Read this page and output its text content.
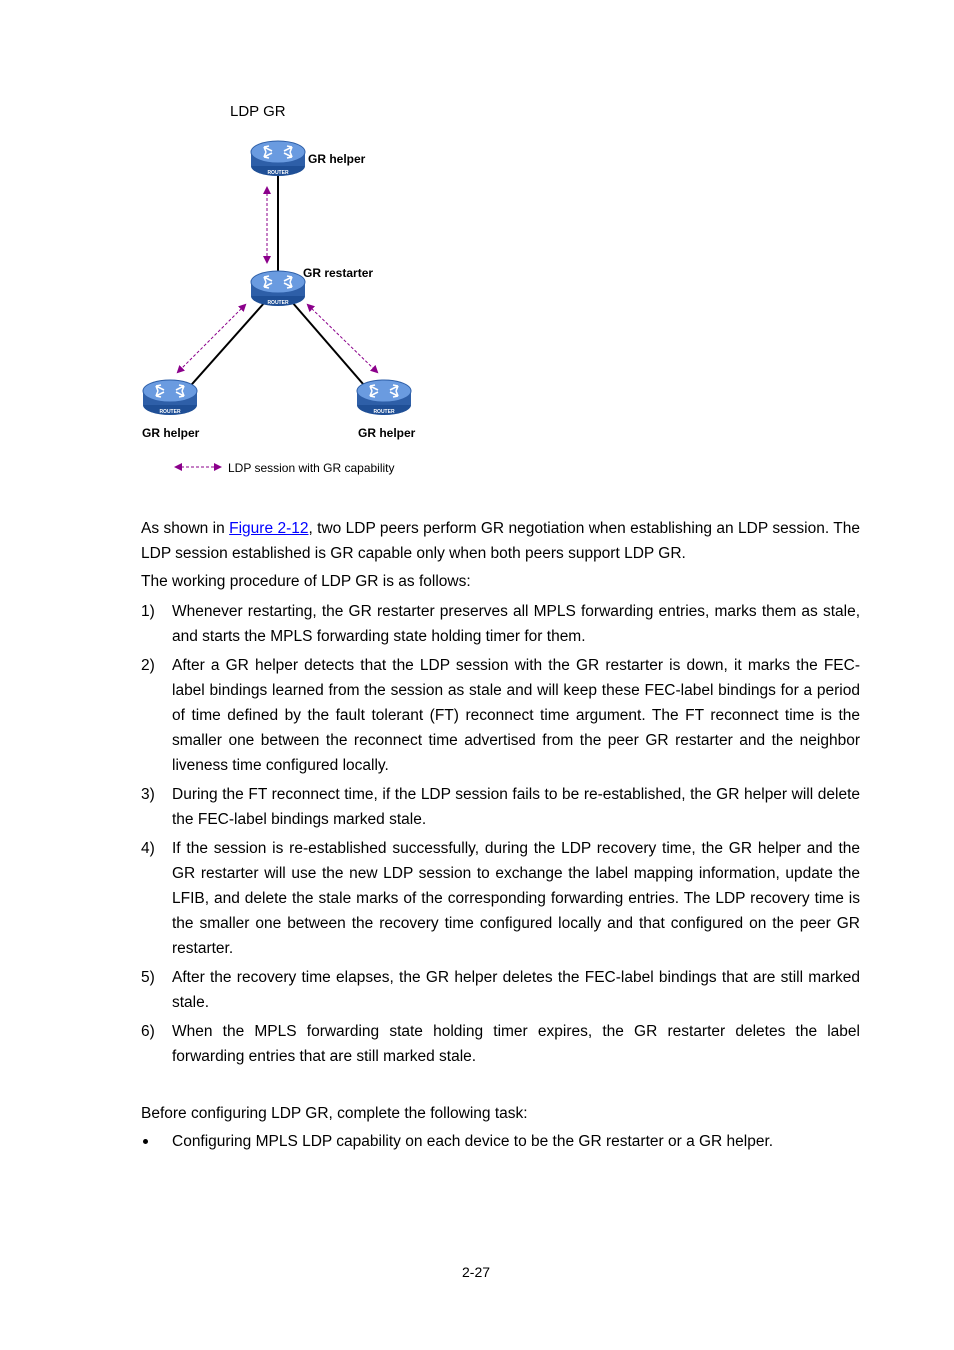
LDP GR
ROUTER
ROUTER
ROUTER	ROUTER
GR helper
GR restarter
GR helper	GR helper
LDP session with GR capability

As shown in Figure 2-12, two LDP peers perform GR negotiation when establishing an LDP session. The LDP session established is GR capable only when both peers support LDP GR.

The working procedure of LDP GR is as follows:
1) Whenever restarting, the GR restarter preserves all MPLS forwarding entries, marks them as stale, and starts the MPLS forwarding state holding timer for them.
2) After a GR helper detects that the LDP session with the GR restarter is down, it marks the FEC-label bindings learned from the session as stale and will keep these FEC-label bindings for a period of time defined by the fault tolerant (FT) reconnect time argument. The FT reconnect time is the smaller one between the reconnect time advertised from the peer GR restarter and the neighbor liveness time configured locally.
3) During the FT reconnect time, if the LDP session fails to be re-established, the GR helper will delete the FEC-label bindings marked stale.
4) If the session is re-established successfully, during the LDP recovery time, the GR helper and the GR restarter will use the new LDP session to exchange the label mapping information, update the LFIB, and delete the stale marks of the corresponding forwarding entries. The LDP recovery time is the smaller one between the recovery time configured locally and that configured on the peer GR restarter.
5) After the recovery time elapses, the GR helper deletes the FEC-label bindings that are still marked stale.
6) When the MPLS forwarding state holding timer expires, the GR restarter deletes the label forwarding entries that are still marked stale.
Before configuring LDP GR, complete the following task:
Configuring MPLS LDP capability on each device to be the GR restarter or a GR helper.
2-27
